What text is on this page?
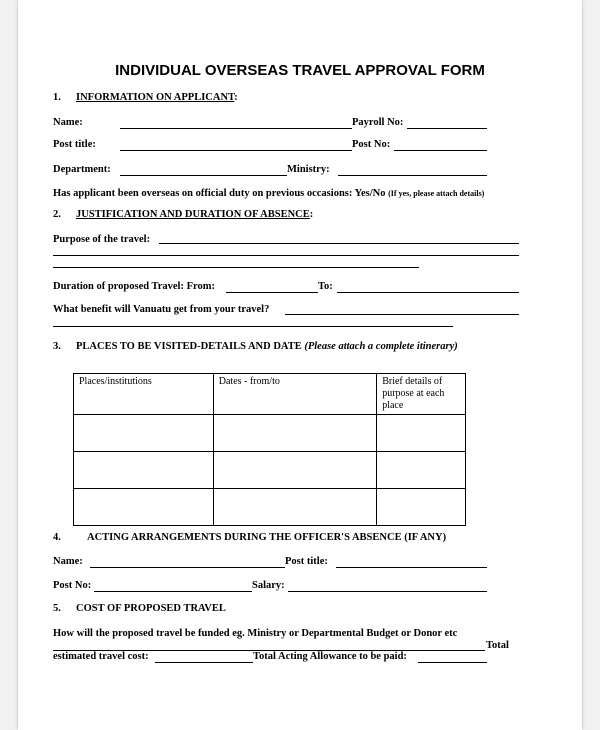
INDIVIDUAL OVERSEAS TRAVEL APPROVAL FORM
1. INFORMATION ON APPLICANT:
Name:	Payroll No:
Post title:	Post No:
Department:	Ministry:
Has applicant been overseas on official duty on previous occasions: Yes/No (If yes, please attach details)
2. JUSTIFICATION AND DURATION OF ABSENCE:
Purpose of the travel:
Duration of proposed Travel: From:	To:
What benefit will Vanuatu get from your travel?
3. PLACES TO BE VISITED-DETAILS AND DATE (Please attach a complete itinerary)
Places/institutions	Dates - from/to	Brief details of purpose at each place

4. ACTING ARRANGEMENTS DURING THE OFFICER'S ABSENCE (IF ANY)
Name:	Post title:
Post No:	Salary:
5. COST OF PROPOSED TRAVEL
How will the proposed travel be funded eg. Ministry or Departmental Budget or Donor etc
Total
estimated travel cost:	Total Acting Allowance to be paid:
